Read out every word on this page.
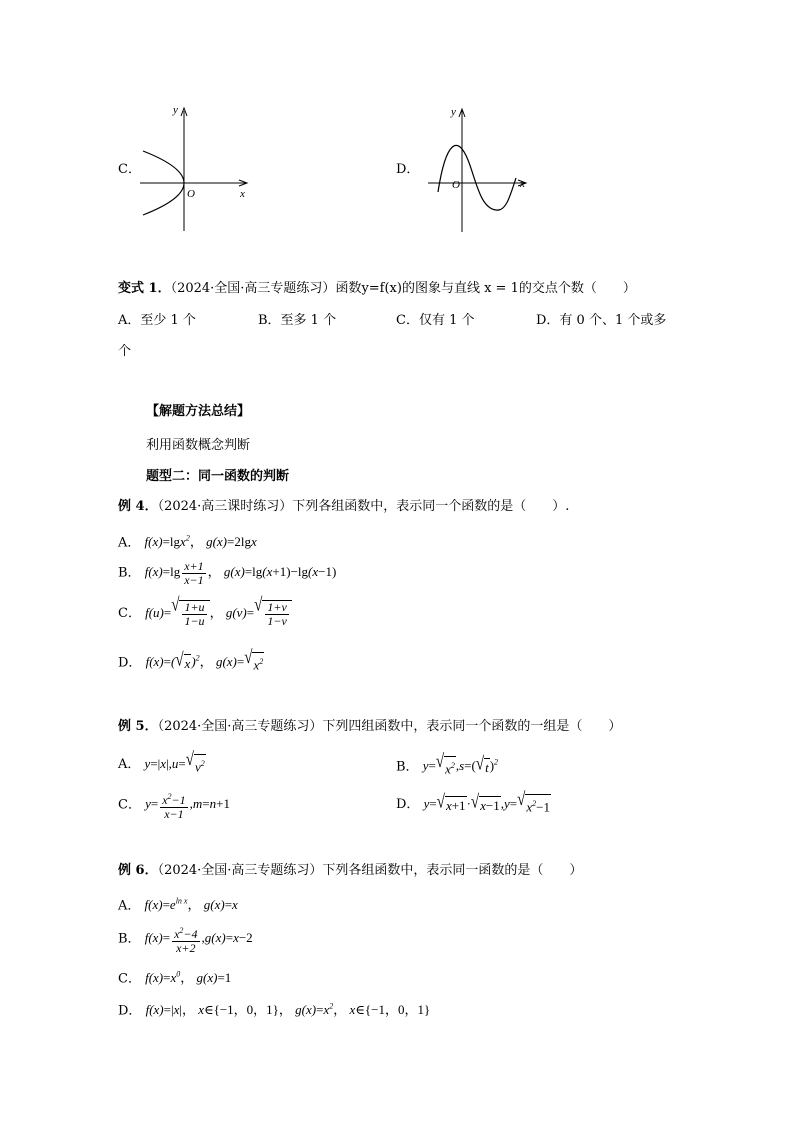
C．
y
x
O
D．
y
x
O
变式 1．（2024·全国·高三专题练习）函数y=f(x)的图象与直线 x = 1的交点个数（　　）
A．至少 1 个	B．至多 1 个	C．仅有 1 个	D．有 0 个、1 个或多
个
【解题方法总结】
利用函数概念判断
题型二：同一函数的判断
例 4．（2024·高三课时练习）下列各组函数中，表示同一个函数的是（　　）.
A． f(x)=lgx$^2$， g(x)=2lgx
B． $f(x)=\lg \frac{x+1}{x-1}$ ， g(x)=lg(x+1)−lg(x−1)
C． f(u)= √ $\frac{1+u}{1-u}$ ， g(v)= √ $\frac{1+v}{1-v}$
D． f(x)=( √ x )$^2$， g(x)= √ $x^2$
例 5．（2024·全国·高三专题练习）下列四组函数中，表示同一个函数的一组是（　　）
A． y=|x|,u= √ $v^2$	B． y= √ $x^2$ ,s=( √ t )$^2$
C． $y= \frac{x^2-1}{x-1} ,m=n+1$	D． y= √ x+1 · √ x−1 ,y= √ $x^2-1$
例 6．（2024·全国·高三专题练习）下列各组函数中，表示同一函数的是（　　）
A． $f(x)=e^{ln x}$， g(x)=x
B． $f(x)= \frac{x^2-4}{x+2} ,g(x)=x-2$
C． $f(x)=x^0$， g(x)=1
D． f(x)=|x|， x∈{−1，0，1}， $g(x)=x^2$， x∈{−1，0，1}
